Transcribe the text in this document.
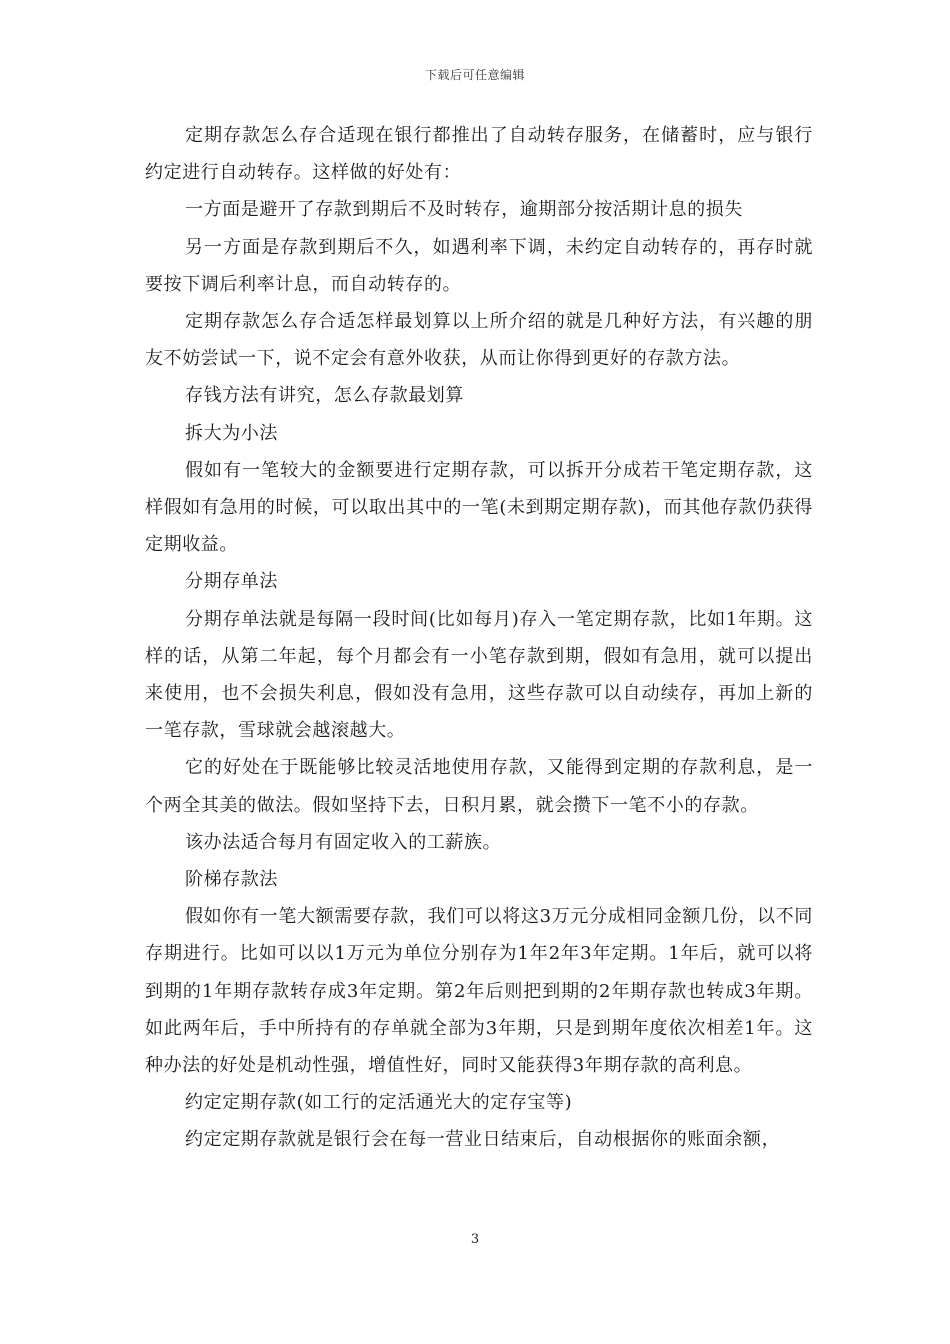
下载后可任意编辑

定期存款怎么存合适现在银行都推出了自动转存服务，在储蓄时，应与银行约定进行自动转存。这样做的好处有：

一方面是避开了存款到期后不及时转存，逾期部分按活期计息的损失

另一方面是存款到期后不久，如遇利率下调，未约定自动转存的，再存时就要按下调后利率计息，而自动转存的。

定期存款怎么存合适怎样最划算以上所介绍的就是几种好方法，有兴趣的朋友不妨尝试一下，说不定会有意外收获，从而让你得到更好的存款方法。

存钱方法有讲究，怎么存款最划算

拆大为小法

假如有一笔较大的金额要进行定期存款，可以拆开分成若干笔定期存款，这样假如有急用的时候，可以取出其中的一笔(未到期定期存款)，而其他存款仍获得定期收益。

分期存单法

分期存单法就是每隔一段时间(比如每月)存入一笔定期存款，比如1年期。这样的话，从第二年起，每个月都会有一小笔存款到期，假如有急用，就可以提出来使用，也不会损失利息，假如没有急用，这些存款可以自动续存，再加上新的一笔存款，雪球就会越滚越大。

它的好处在于既能够比较灵活地使用存款，又能得到定期的存款利息，是一个两全其美的做法。假如坚持下去，日积月累，就会攒下一笔不小的存款。

该办法适合每月有固定收入的工薪族。

阶梯存款法

假如你有一笔大额需要存款，我们可以将这3万元分成相同金额几份，以不同存期进行。比如可以以1万元为单位分别存为1年2年3年定期。1年后，就可以将到期的1年期存款转存成3年定期。第2年后则把到期的2年期存款也转成3年期。如此两年后，手中所持有的存单就全部为3年期，只是到期年度依次相差1年。这种办法的好处是机动性强，增值性好，同时又能获得3年期存款的高利息。

约定定期存款(如工行的定活通光大的定存宝等)

约定定期存款就是银行会在每一营业日结束后，自动根据你的账面余额，

3
